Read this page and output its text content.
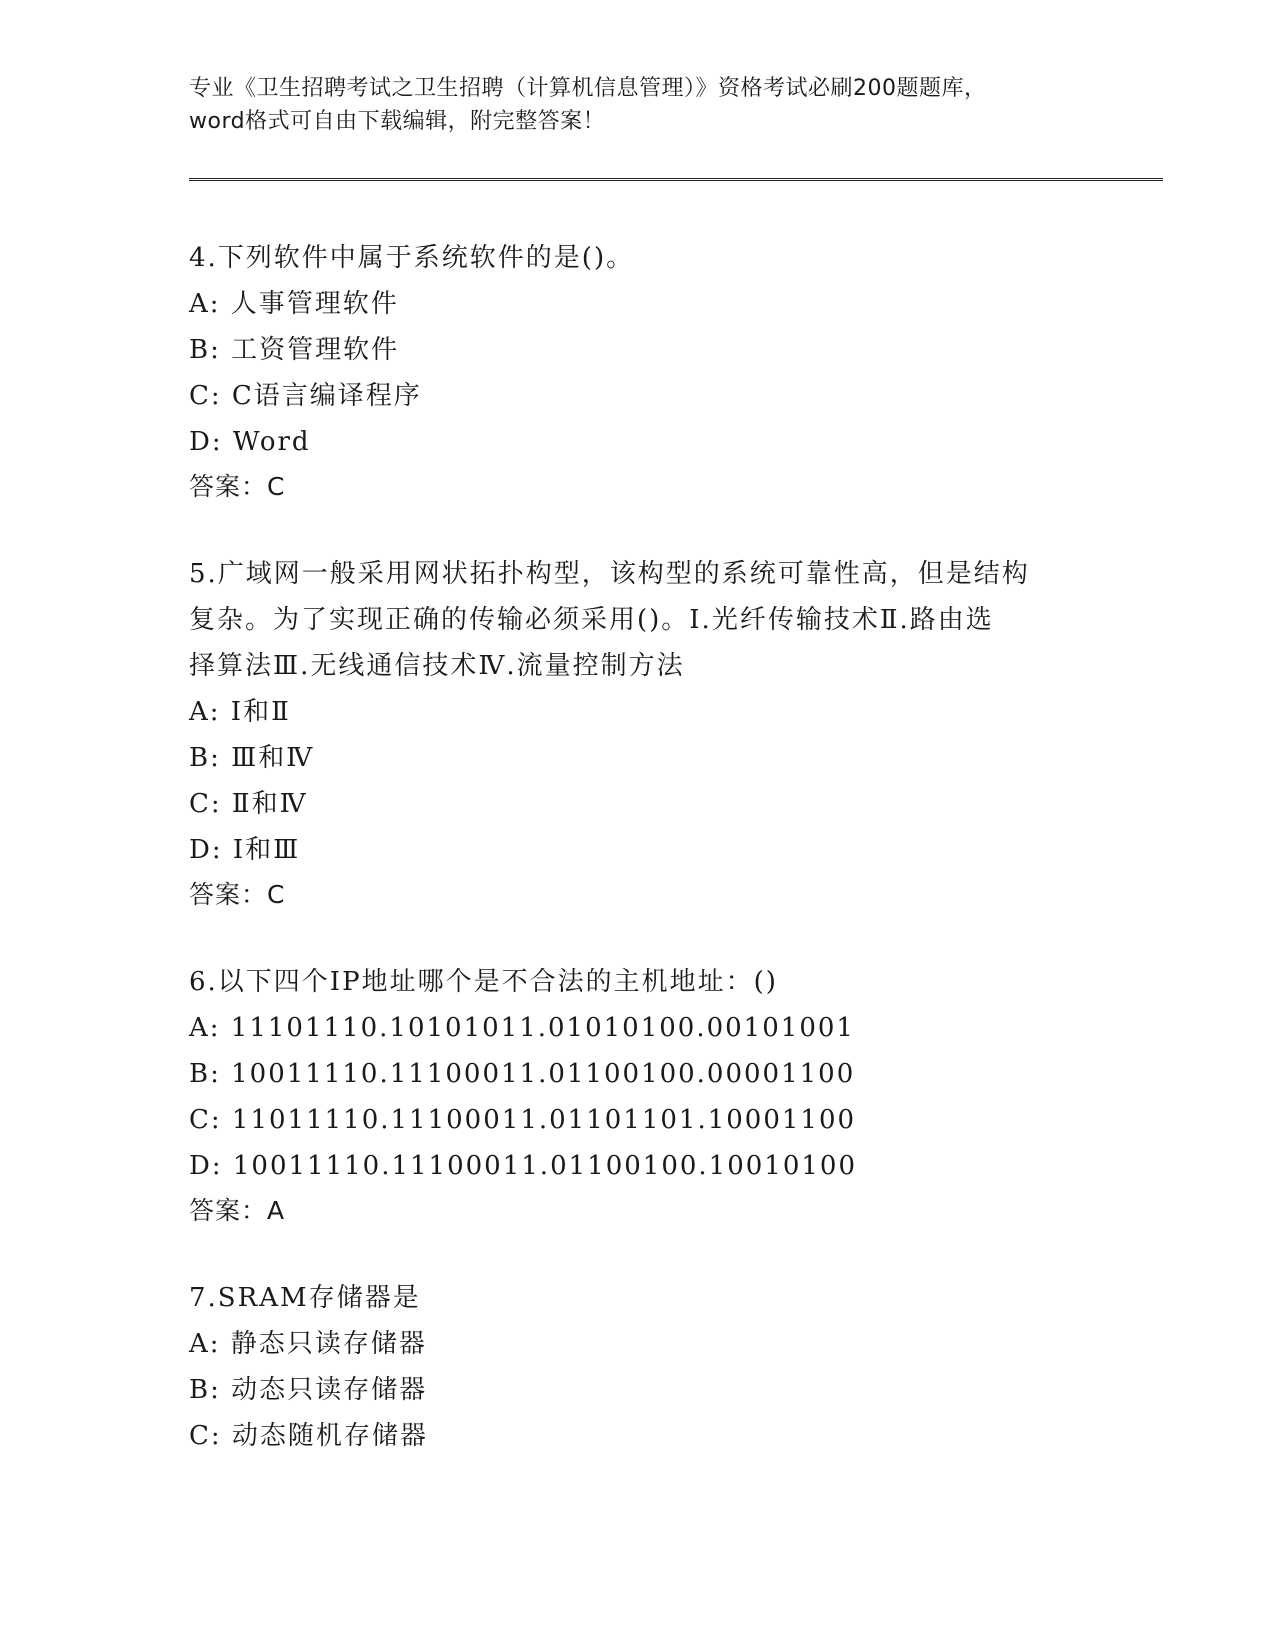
专业《卫生招聘考试之卫生招聘（计算机信息管理）》资格考试必刷200题题库，
word格式可自由下载编辑，附完整答案！
4.下列软件中属于系统软件的是()。
A: 人事管理软件
B: 工资管理软件
C: C语言编译程序
D: Word
答案：C
5.广域网一般采用网状拓扑构型，该构型的系统可靠性高，但是结构
复杂。为了实现正确的传输必须采用()。Ⅰ.光纤传输技术Ⅱ.路由选
择算法Ⅲ.无线通信技术Ⅳ.流量控制方法
A: Ⅰ和Ⅱ
B: Ⅲ和Ⅳ
C: Ⅱ和Ⅳ
D: Ⅰ和Ⅲ
答案：C
6.以下四个IP地址哪个是不合法的主机地址：()
A: 11101110.10101011.01010100.00101001
B: 10011110.11100011.01100100.00001100
C: 11011110.11100011.01101101.10001100
D: 10011110.11100011.01100100.10010100
答案：A
7.SRAM存储器是
A: 静态只读存储器
B: 动态只读存储器
C: 动态随机存储器
